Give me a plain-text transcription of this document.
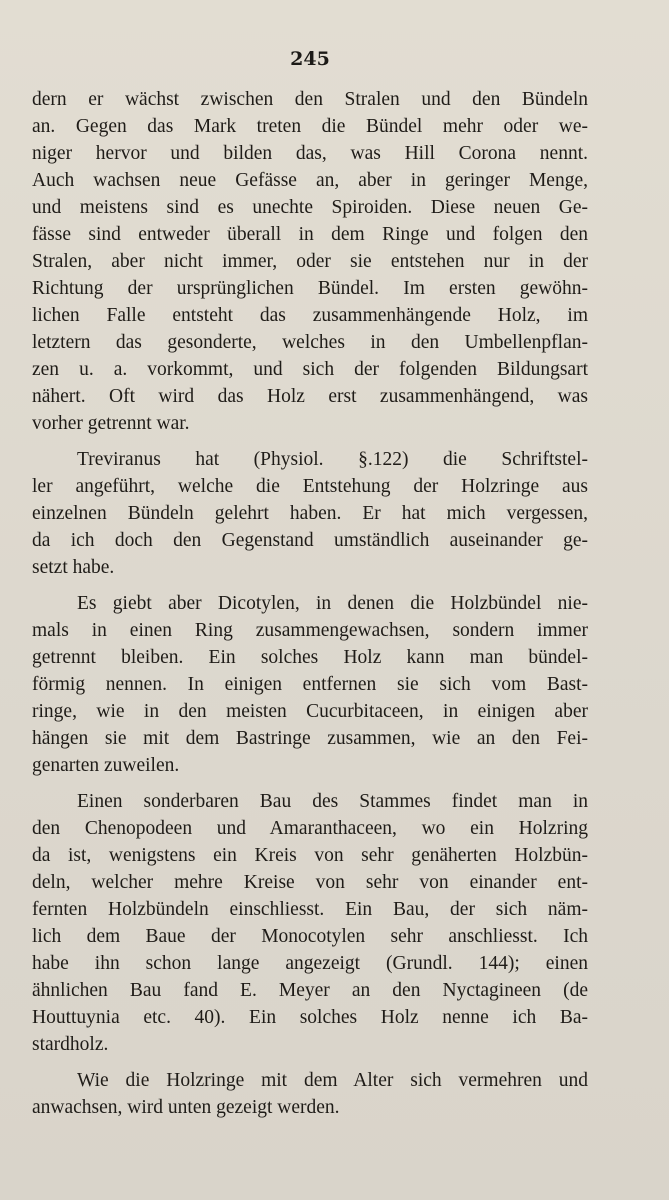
245
dern er wächst zwischen den Stralen und den Bündeln
an. Gegen das Mark treten die Bündel mehr oder we-
niger hervor und bilden das, was Hill Corona nennt.
Auch wachsen neue Gefässe an, aber in geringer Menge,
und meistens sind es unechte Spiroiden. Diese neuen Ge-
fässe sind entweder überall in dem Ringe und folgen den
Stralen, aber nicht immer, oder sie entstehen nur in der
Richtung der ursprünglichen Bündel. Im ersten gewöhn-
lichen Falle entsteht das zusammenhängende Holz, im
letztern das gesonderte, welches in den Umbellenpflan-
zen u. a. vorkommt, und sich der folgenden Bildungsart
nähert. Oft wird das Holz erst zusammenhängend, was
vorher getrennt war.
Treviranus hat (Physiol. §.122) die Schriftstel-
ler angeführt, welche die Entstehung der Holzringe aus
einzelnen Bündeln gelehrt haben. Er hat mich vergessen,
da ich doch den Gegenstand umständlich auseinander ge-
setzt habe.
Es giebt aber Dicotylen, in denen die Holzbündel nie-
mals in einen Ring zusammengewachsen, sondern immer
getrennt bleiben. Ein solches Holz kann man bündel-
förmig nennen. In einigen entfernen sie sich vom Bast-
ringe, wie in den meisten Cucurbitaceen, in einigen aber
hängen sie mit dem Bastringe zusammen, wie an den Fei-
genarten zuweilen.
Einen sonderbaren Bau des Stammes findet man in
den Chenopodeen und Amaranthaceen, wo ein Holzring
da ist, wenigstens ein Kreis von sehr genäherten Holzbün-
deln, welcher mehre Kreise von sehr von einander ent-
fernten Holzbündeln einschliesst. Ein Bau, der sich näm-
lich dem Baue der Monocotylen sehr anschliesst. Ich
habe ihn schon lange angezeigt (Grundl. 144); einen
ähnlichen Bau fand E. Meyer an den Nyctagineen (de
Houttuynia etc. 40). Ein solches Holz nenne ich Ba-
stardholz.
Wie die Holzringe mit dem Alter sich vermehren und
anwachsen, wird unten gezeigt werden.
